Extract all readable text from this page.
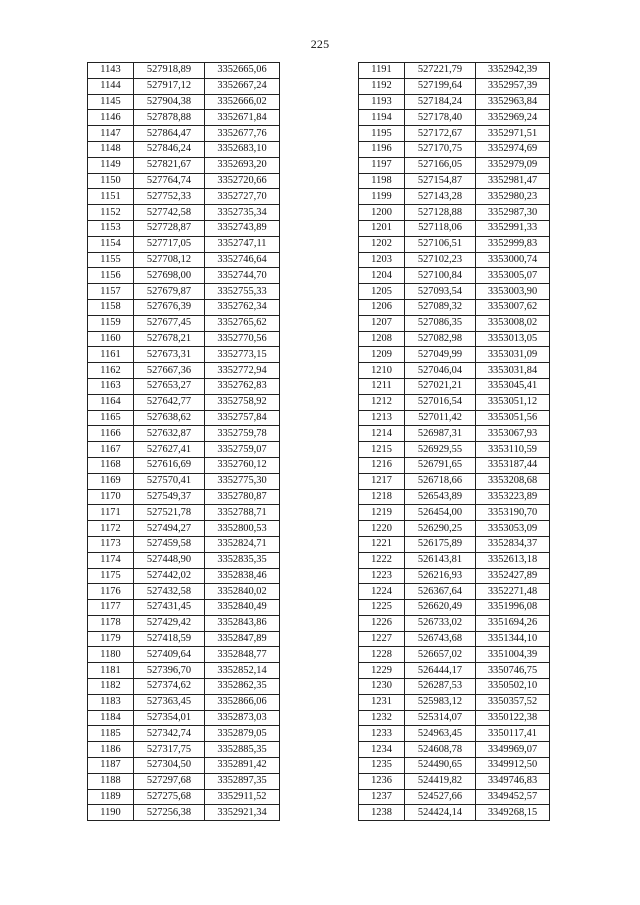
225
1143	527918,89	3352665,06
1144	527917,12	3352667,24
1145	527904,38	3352666,02
1146	527878,88	3352671,84
1147	527864,47	3352677,76
1148	527846,24	3352683,10
1149	527821,67	3352693,20
1150	527764,74	3352720,66
1151	527752,33	3352727,70
1152	527742,58	3352735,34
1153	527728,87	3352743,89
1154	527717,05	3352747,11
1155	527708,12	3352746,64
1156	527698,00	3352744,70
1157	527679,87	3352755,33
1158	527676,39	3352762,34
1159	527677,45	3352765,62
1160	527678,21	3352770,56
1161	527673,31	3352773,15
1162	527667,36	3352772,94
1163	527653,27	3352762,83
1164	527642,77	3352758,92
1165	527638,62	3352757,84
1166	527632,87	3352759,78
1167	527627,41	3352759,07
1168	527616,69	3352760,12
1169	527570,41	3352775,30
1170	527549,37	3352780,87
1171	527521,78	3352788,71
1172	527494,27	3352800,53
1173	527459,58	3352824,71
1174	527448,90	3352835,35
1175	527442,02	3352838,46
1176	527432,58	3352840,02
1177	527431,45	3352840,49
1178	527429,42	3352843,86
1179	527418,59	3352847,89
1180	527409,64	3352848,77
1181	527396,70	3352852,14
1182	527374,62	3352862,35
1183	527363,45	3352866,06
1184	527354,01	3352873,03
1185	527342,74	3352879,05
1186	527317,75	3352885,35
1187	527304,50	3352891,42
1188	527297,68	3352897,35
1189	527275,68	3352911,52
1190	527256,38	3352921,34
1191	527221,79	3352942,39
1192	527199,64	3352957,39
1193	527184,24	3352963,84
1194	527178,40	3352969,24
1195	527172,67	3352971,51
1196	527170,75	3352974,69
1197	527166,05	3352979,09
1198	527154,87	3352981,47
1199	527143,28	3352980,23
1200	527128,88	3352987,30
1201	527118,06	3352991,33
1202	527106,51	3352999,83
1203	527102,23	3353000,74
1204	527100,84	3353005,07
1205	527093,54	3353003,90
1206	527089,32	3353007,62
1207	527086,35	3353008,02
1208	527082,98	3353013,05
1209	527049,99	3353031,09
1210	527046,04	3353031,84
1211	527021,21	3353045,41
1212	527016,54	3353051,12
1213	527011,42	3353051,56
1214	526987,31	3353067,93
1215	526929,55	3353110,59
1216	526791,65	3353187,44
1217	526718,66	3353208,68
1218	526543,89	3353223,89
1219	526454,00	3353190,70
1220	526290,25	3353053,09
1221	526175,89	3352834,37
1222	526143,81	3352613,18
1223	526216,93	3352427,89
1224	526367,64	3352271,48
1225	526620,49	3351996,08
1226	526733,02	3351694,26
1227	526743,68	3351344,10
1228	526657,02	3351004,39
1229	526444,17	3350746,75
1230	526287,53	3350502,10
1231	525983,12	3350357,52
1232	525314,07	3350122,38
1233	524963,45	3350117,41
1234	524608,78	3349969,07
1235	524490,65	3349912,50
1236	524419,82	3349746,83
1237	524527,66	3349452,57
1238	524424,14	3349268,15
